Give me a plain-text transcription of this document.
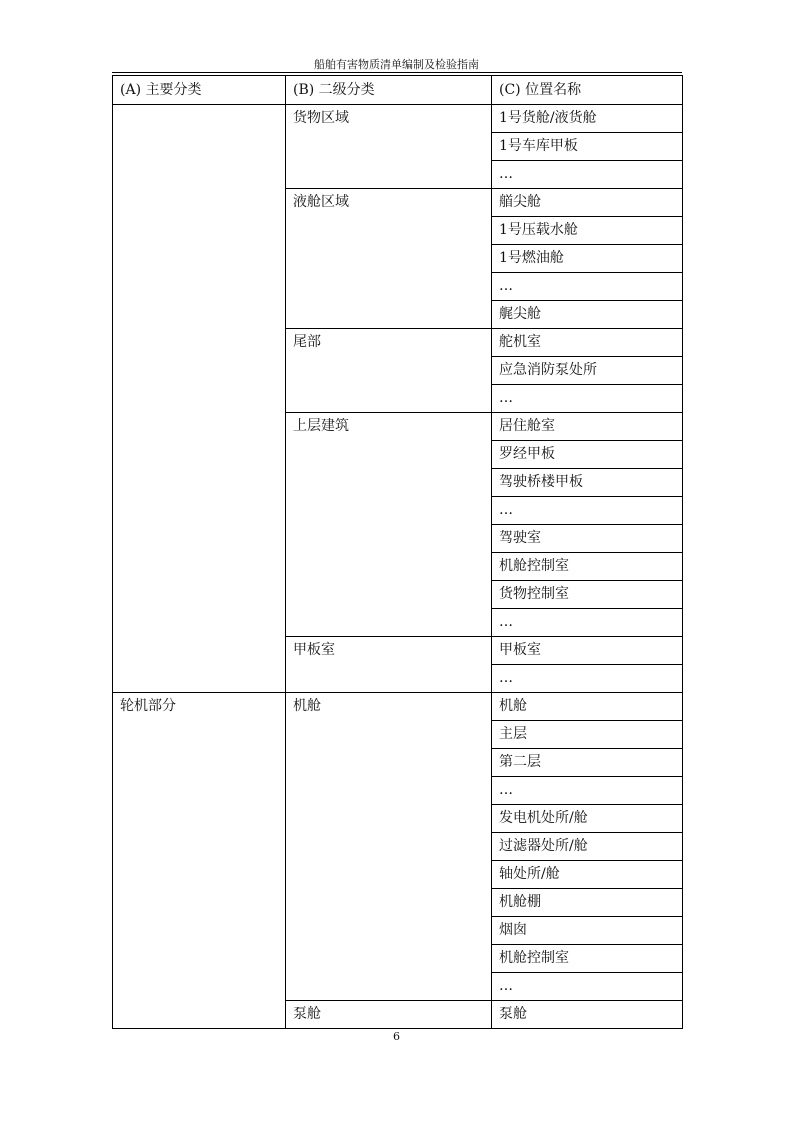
船舶有害物质清单编制及检验指南
(A) 主要分类	(B) 二级分类	(C) 位置名称
	货物区域	1号货舱/液货舱
		1号车库甲板
		…
	液舱区域	艏尖舱
		1号压载水舱
		1号燃油舱
		…
		艉尖舱
	尾部	舵机室
		应急消防泵处所
		…
	上层建筑	居住舱室
		罗经甲板
		驾驶桥楼甲板
		…
		驾驶室
		机舱控制室
		货物控制室
		…
	甲板室	甲板室
		…
轮机部分	机舱	机舱
		主层
		第二层
		…
		发电机处所/舱
		过滤器处所/舱
		轴处所/舱
		机舱棚
		烟囱
		机舱控制室
		…
	泵舱	泵舱
6
